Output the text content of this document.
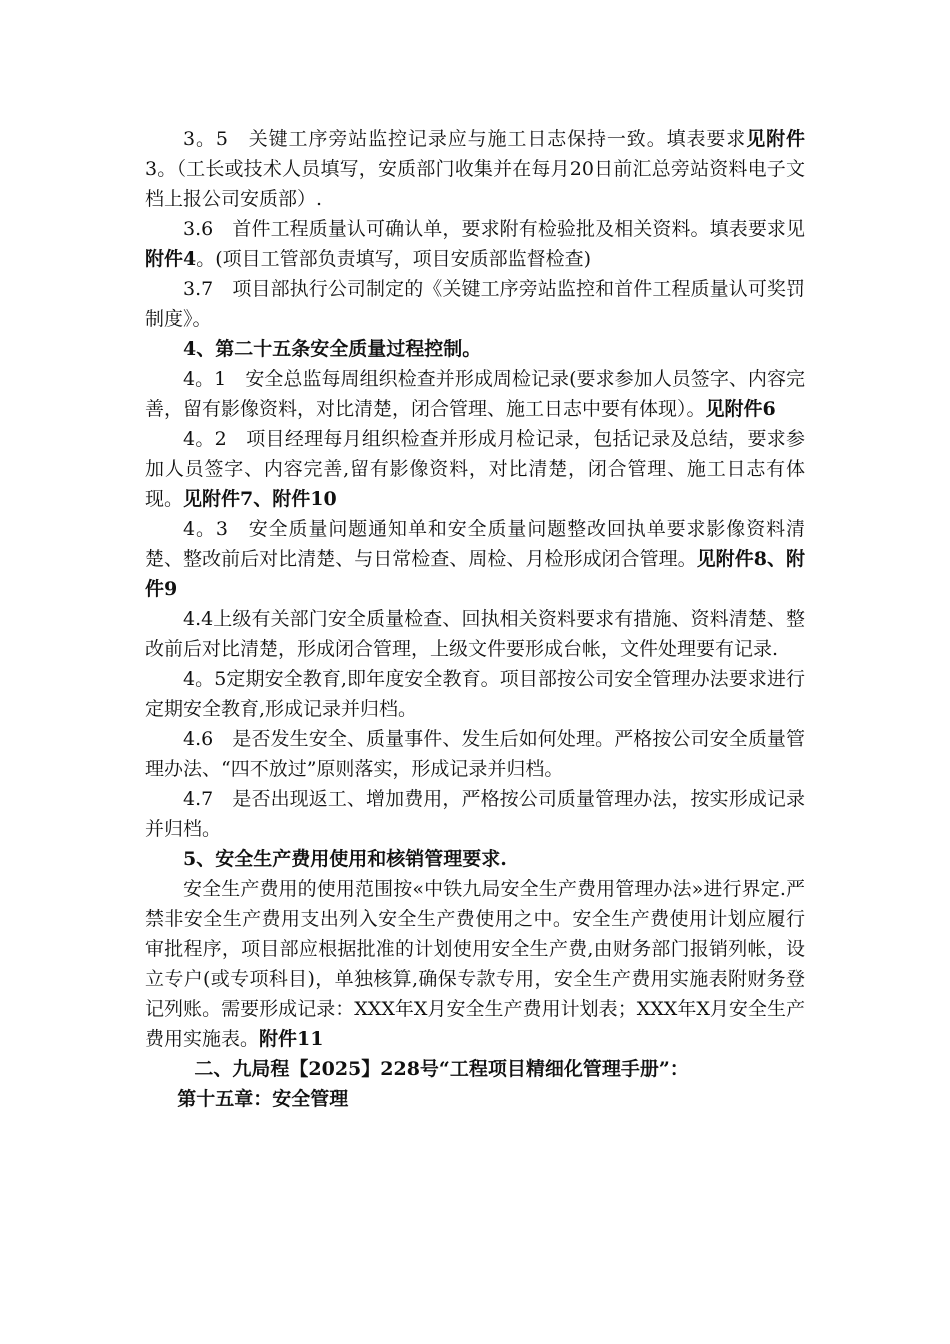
3。5　关键工序旁站监控记录应与施工日志保持一致。填表要求见附件3。（工长或技术人员填写，安质部门收集并在每月20日前汇总旁站资料电子文档上报公司安质部）.

3.6　首件工程质量认可确认单，要求附有检验批及相关资料。填表要求见附件4。(项目工管部负责填写，项目安质部监督检查)

3.7　项目部执行公司制定的《关键工序旁站监控和首件工程质量认可奖罚制度》。

4、第二十五条安全质量过程控制。

4。1　安全总监每周组织检查并形成周检记录(要求参加人员签字、内容完善，留有影像资料，对比清楚，闭合管理、施工日志中要有体现）。见附件6

4。2　项目经理每月组织检查并形成月检记录，包括记录及总结，要求参加人员签字、内容完善,留有影像资料，对比清楚，闭合管理、施工日志有体现。见附件7、附件10

4。3　安全质量问题通知单和安全质量问题整改回执单要求影像资料清楚、整改前后对比清楚、与日常检查、周检、月检形成闭合管理。见附件8、附件9

4.4上级有关部门安全质量检查、回执相关资料要求有措施、资料清楚、整改前后对比清楚，形成闭合管理，上级文件要形成台帐，文件处理要有记录.

4。5定期安全教育,即年度安全教育。项目部按公司安全管理办法要求进行定期安全教育,形成记录并归档。

4.6　是否发生安全、质量事件、发生后如何处理。严格按公司安全质量管理办法、“四不放过”原则落实，形成记录并归档。

4.7　是否出现返工、增加费用，严格按公司质量管理办法，按实形成记录并归档。

5、安全生产费用使用和核销管理要求.

安全生产费用的使用范围按«中铁九局安全生产费用管理办法»进行界定.严禁非安全生产费用支出列入安全生产费使用之中。安全生产费使用计划应履行审批程序，项目部应根据批准的计划使用安全生产费,由财务部门报销列帐，设立专户(或专项科目)，单独核算,确保专款专用，安全生产费用实施表附财务登记列账。需要形成记录：XXX年X月安全生产费用计划表；XXX年X月安全生产费用实施表。附件11

二、九局程【2025】228号“工程项目精细化管理手册”：

第十五章：安全管理
